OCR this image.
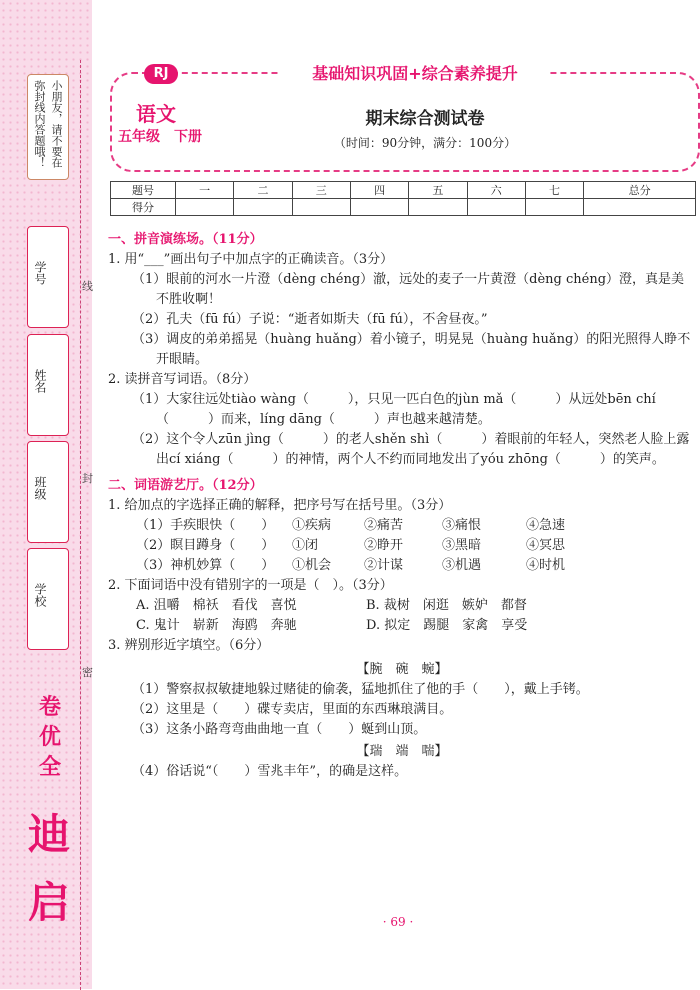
小朋友，请不要在弥封线内答题哦！
学号
姓名
班级
学校
线
封
密
卷
优
全
迪
启
RJ	基础知识巩固+综合素养提升
语文
五年级　下册
期末综合测试卷
（时间：90分钟，满分：100分）
题号	一	二	三	四	五	六	七	总分
得分								

一、拼音演练场。（11分）

1. 用“___”画出句子中加点字的正确读音。（3分）

（1）眼前的河水一片澄（dèng chéng）澈，远处的麦子一片黄澄（dèng chéng）澄，真是美不胜收啊！

（2）孔夫（fū fú）子说：“逝者如斯夫（fū fú），不舍昼夜。”

（3）调皮的弟弟摇晃（huàng huǎng）着小镜子，明晃晃（huàng huǎng）的阳光照得人睁不开眼睛。

2. 读拼音写词语。（8分）

（1）大家往远处tiào wàng（　　　），只见一匹白色的jùn mǎ（　　　）从远处bēn chí（　　　）而来，líng dāng（　　　）声也越来越清楚。

（2）这个令人zūn jìng（　　　）的老人shěn shì（　　　）着眼前的年轻人，突然老人脸上露出cí xiáng（　　　）的神情，两个人不约而同地发出了yóu zhōng（　　　）的笑声。

二、词语游艺厅。（12分）

1. 给加点的字选择正确的解释，把序号写在括号里。（3分）

（1）手疾眼快（　　）	①疾病	②痛苦	③痛恨	④急速
（2）瞑目蹲身（　　）	①闭	②睁开	③黑暗	④冥思
（3）神机妙算（　　）	①机会	②计谋	③机遇	④时机

2. 下面词语中没有错别字的一项是（　）。（3分）

A. 沮嚼　棉袄　看伐　喜悦	B. 裁树　闲逛　嫉妒　都督
C. 鬼计　崭新　海鸥　奔驰	D. 拟定　踢腿　家禽　享受

3. 辨别形近字填空。（6分）

【腕　碗　蜿】

（1）警察叔叔敏捷地躲过赌徒的偷袭，猛地抓住了他的手（　　），戴上手铐。

（2）这里是（　　）碟专卖店，里面的东西琳琅满目。

（3）这条小路弯弯曲曲地一直（　　）蜒到山顶。

【瑞　端　喘】

（4）俗话说“（　　）雪兆丰年”，的确是这样。

· 69 ·
